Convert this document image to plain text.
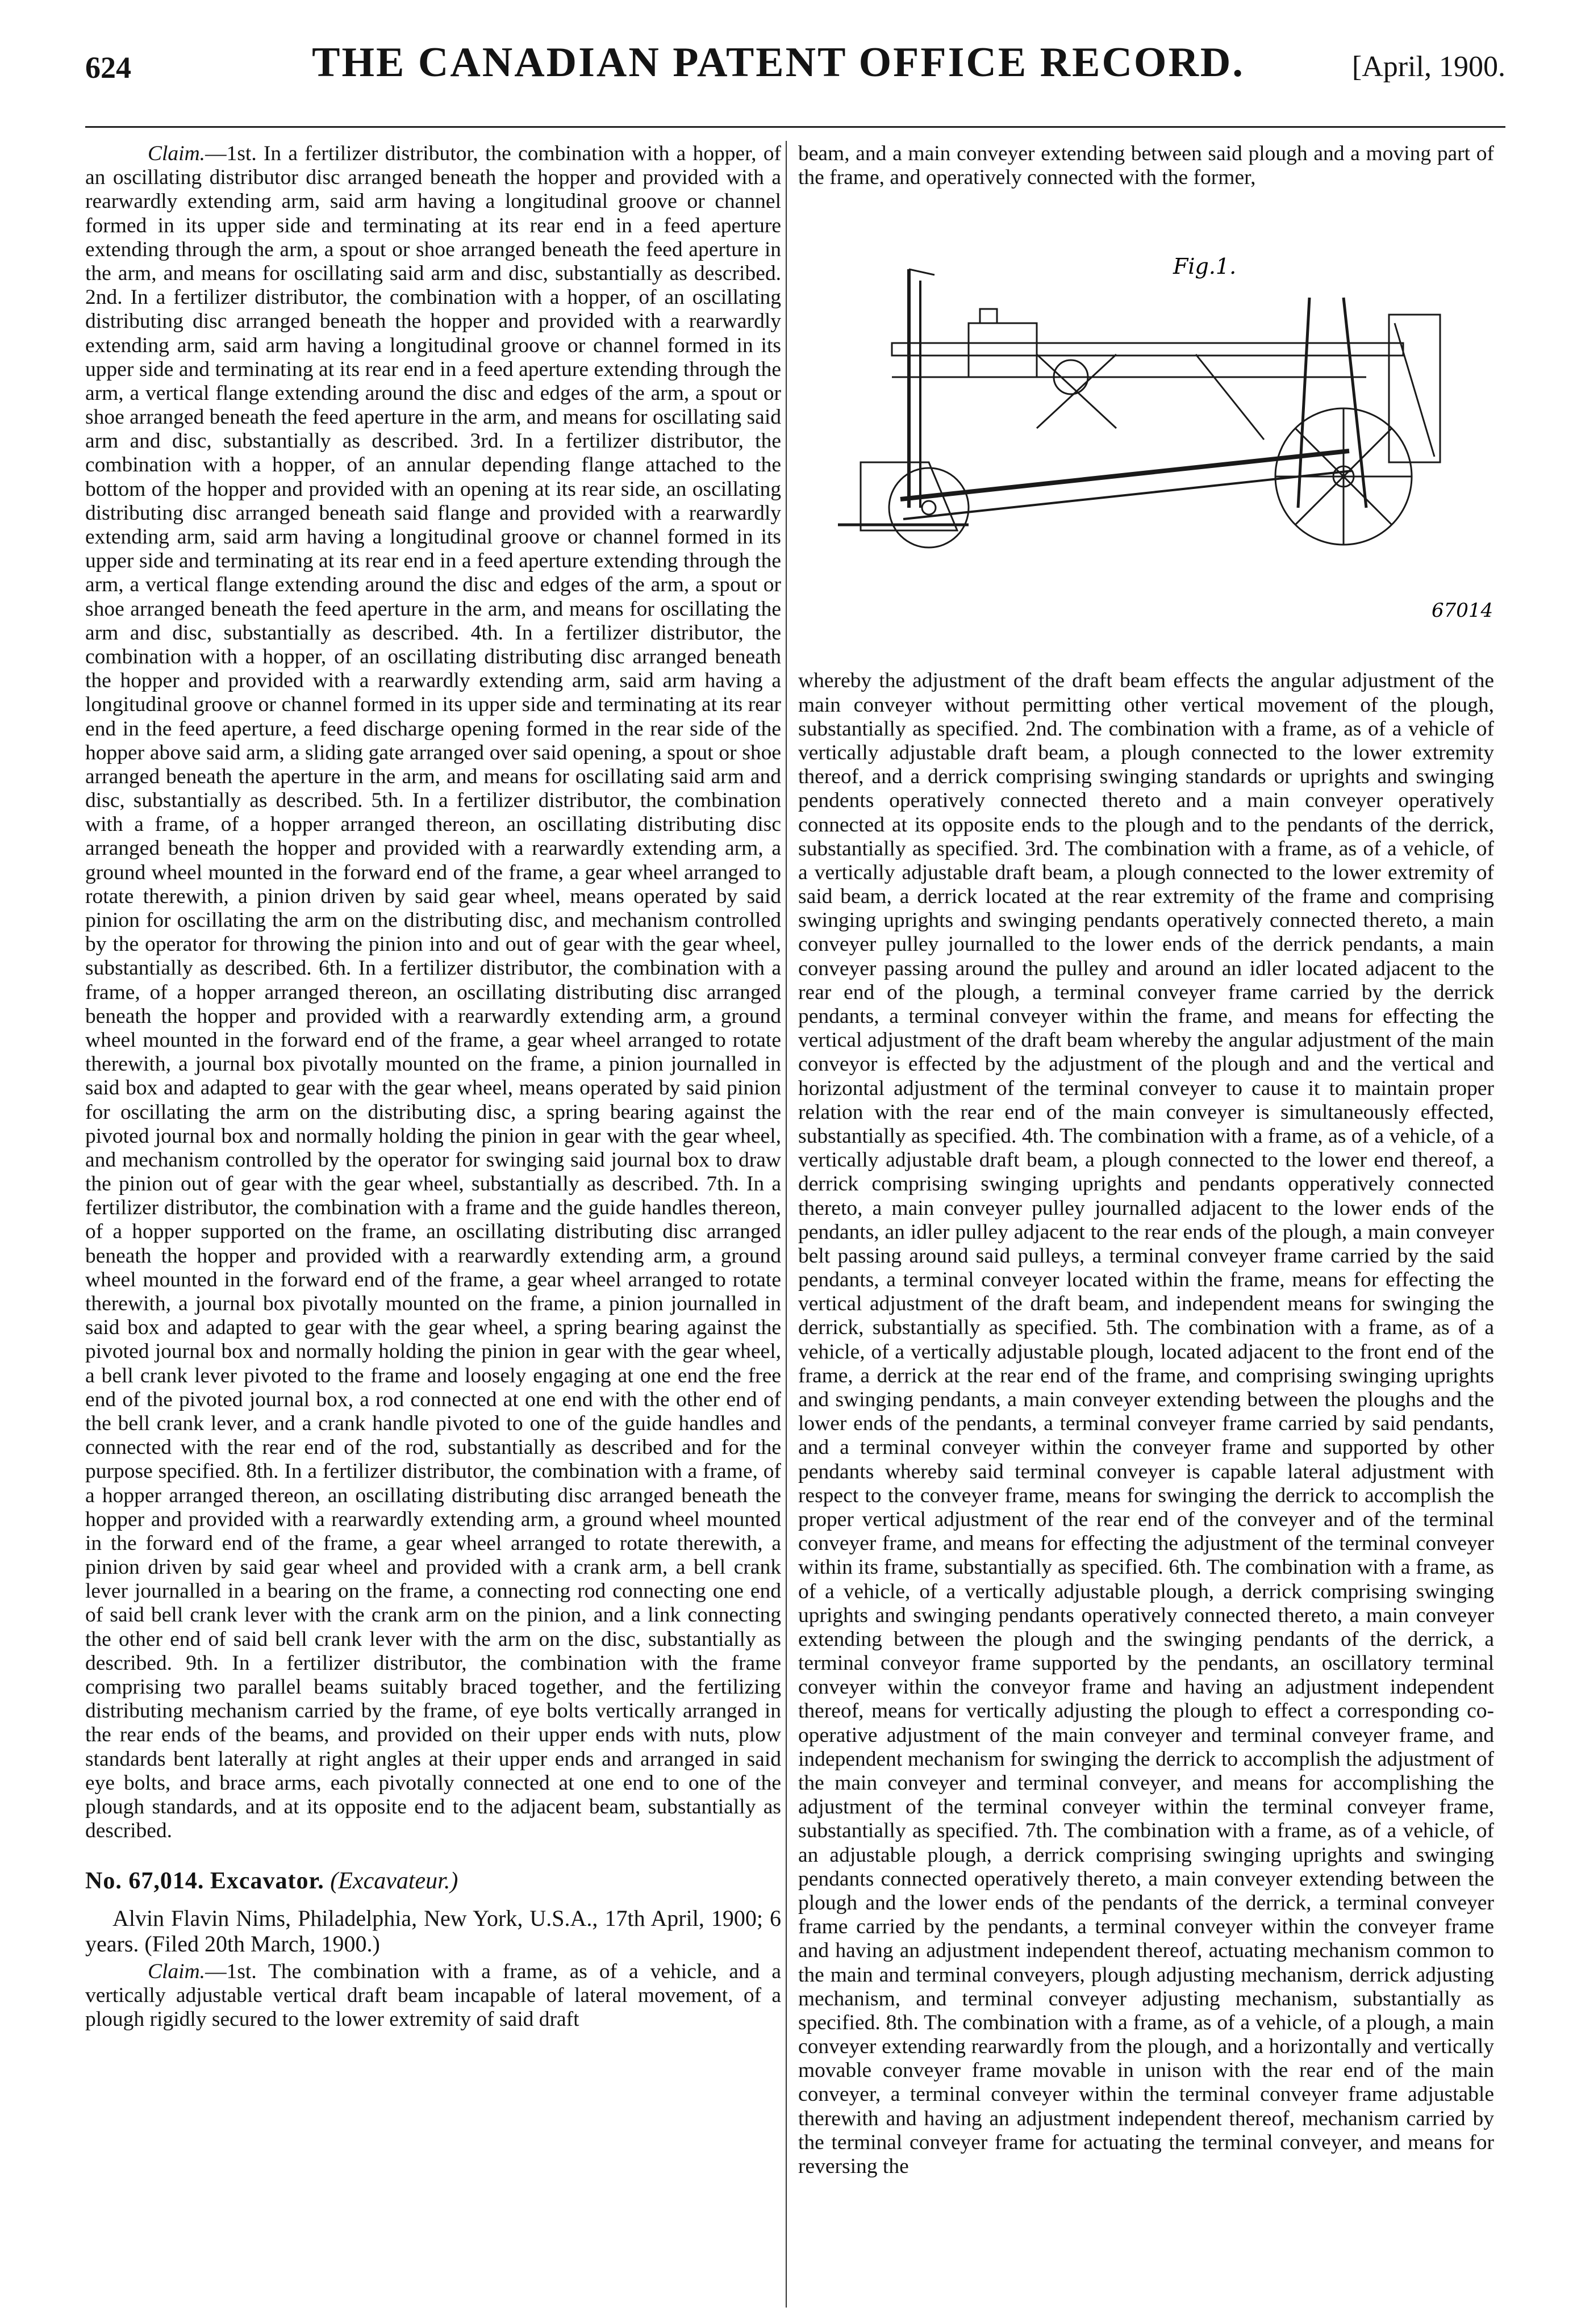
624	THE CANADIAN PATENT OFFICE RECORD.	[April, 1900.

Claim.—1st. In a fertilizer distributor, the combination with a hopper, of an oscillating distributor disc arranged beneath the hopper and provided with a rearwardly extending arm, said arm having a longitudinal groove or channel formed in its upper side and terminating at its rear end in a feed aperture extending through the arm, a spout or shoe arranged beneath the feed aperture in the arm, and means for oscillating said arm and disc, substantially as described. 2nd. In a fertilizer distributor, the combination with a hopper, of an oscillating distributing disc arranged beneath the hopper and provided with a rearwardly extending arm, said arm having a longitudinal groove or channel formed in its upper side and terminating at its rear end in a feed aperture extending through the arm, a vertical flange extending around the disc and edges of the arm, a spout or shoe arranged beneath the feed aperture in the arm, and means for oscillating said arm and disc, substantially as described. 3rd. In a fertilizer distributor, the combination with a hopper, of an annular depending flange attached to the bottom of the hopper and provided with an opening at its rear side, an oscillating distributing disc arranged beneath said flange and provided with a rearwardly extending arm, said arm having a longitudinal groove or channel formed in its upper side and terminating at its rear end in a feed aperture extending through the arm, a vertical flange extending around the disc and edges of the arm, a spout or shoe arranged beneath the feed aperture in the arm, and means for oscillating the arm and disc, substantially as described. 4th. In a fertilizer distributor, the combination with a hopper, of an oscillating distributing disc arranged beneath the hopper and provided with a rearwardly extending arm, said arm having a longitudinal groove or channel formed in its upper side and terminating at its rear end in the feed aperture, a feed discharge opening formed in the rear side of the hopper above said arm, a sliding gate arranged over said opening, a spout or shoe arranged beneath the aperture in the arm, and means for oscillating said arm and disc, substantially as described. 5th. In a fertilizer distributor, the combination with a frame, of a hopper arranged thereon, an oscillating distributing disc arranged beneath the hopper and provided with a rearwardly extending arm, a ground wheel mounted in the forward end of the frame, a gear wheel arranged to rotate therewith, a pinion driven by said gear wheel, means operated by said pinion for oscillating the arm on the distributing disc, and mechanism controlled by the operator for throwing the pinion into and out of gear with the gear wheel, substantially as described. 6th. In a fertilizer distributor, the combination with a frame, of a hopper arranged thereon, an oscillating distributing disc arranged beneath the hopper and provided with a rearwardly extending arm, a ground wheel mounted in the forward end of the frame, a gear wheel arranged to rotate therewith, a journal box pivotally mounted on the frame, a pinion journalled in said box and adapted to gear with the gear wheel, means operated by said pinion for oscillating the arm on the distributing disc, a spring bearing against the pivoted journal box and normally holding the pinion in gear with the gear wheel, and mechanism controlled by the operator for swinging said journal box to draw the pinion out of gear with the gear wheel, substantially as described. 7th. In a fertilizer distributor, the combination with a frame and the guide handles thereon, of a hopper supported on the frame, an oscillating distributing disc arranged beneath the hopper and provided with a rearwardly extending arm, a ground wheel mounted in the forward end of the frame, a gear wheel arranged to rotate therewith, a journal box pivotally mounted on the frame, a pinion journalled in said box and adapted to gear with the gear wheel, a spring bearing against the pivoted journal box and normally holding the pinion in gear with the gear wheel, a bell crank lever pivoted to the frame and loosely engaging at one end the free end of the pivoted journal box, a rod connected at one end with the other end of the bell crank lever, and a crank handle pivoted to one of the guide handles and connected with the rear end of the rod, substantially as described and for the purpose specified. 8th. In a fertilizer distributor, the combination with a frame, of a hopper arranged thereon, an oscillating distributing disc arranged beneath the hopper and provided with a rearwardly extending arm, a ground wheel mounted in the forward end of the frame, a gear wheel arranged to rotate therewith, a pinion driven by said gear wheel and provided with a crank arm, a bell crank lever journalled in a bearing on the frame, a connecting rod connecting one end of said bell crank lever with the crank arm on the pinion, and a link connecting the other end of said bell crank lever with the arm on the disc, substantially as described. 9th. In a fertilizer distributor, the combination with the frame comprising two parallel beams suitably braced together, and the fertilizing distributing mechanism carried by the frame, of eye bolts vertically arranged in the rear ends of the beams, and provided on their upper ends with nuts, plow standards bent laterally at right angles at their upper ends and arranged in said eye bolts, and brace arms, each pivotally connected at one end to one of the plough standards, and at its opposite end to the adjacent beam, substantially as described.

No. 67,014. Excavator. (Excavateur.)

Alvin Flavin Nims, Philadelphia, New York, U.S.A., 17th April, 1900; 6 years. (Filed 20th March, 1900.)

Claim.—1st. The combination with a frame, as of a vehicle, and a vertically adjustable vertical draft beam incapable of lateral movement, of a plough rigidly secured to the lower extremity of said draft

beam, and a main conveyer extending between said plough and a moving part of the frame, and operatively connected with the former,

Fig.1.
67014

whereby the adjustment of the draft beam effects the angular adjustment of the main conveyer without permitting other vertical movement of the plough, substantially as specified. 2nd. The combination with a frame, as of a vehicle of vertically adjustable draft beam, a plough connected to the lower extremity thereof, and a derrick comprising swinging standards or uprights and swinging pendents operatively connected thereto and a main conveyer operatively connected at its opposite ends to the plough and to the pendants of the derrick, substantially as specified. 3rd. The combination with a frame, as of a vehicle, of a vertically adjustable draft beam, a plough connected to the lower extremity of said beam, a derrick located at the rear extremity of the frame and comprising swinging uprights and swinging pendants operatively connected thereto, a main conveyer pulley journalled to the lower ends of the derrick pendants, a main conveyer passing around the pulley and around an idler located adjacent to the rear end of the plough, a terminal conveyer frame carried by the derrick pendants, a terminal conveyer within the frame, and means for effecting the vertical adjustment of the draft beam whereby the angular adjustment of the main conveyor is effected by the adjustment of the plough and and the vertical and horizontal adjustment of the terminal conveyer to cause it to maintain proper relation with the rear end of the main conveyer is simultaneously effected, substantially as specified. 4th. The combination with a frame, as of a vehicle, of a vertically adjustable draft beam, a plough connected to the lower end thereof, a derrick comprising swinging uprights and pendants opperatively connected thereto, a main conveyer pulley journalled adjacent to the lower ends of the pendants, an idler pulley adjacent to the rear ends of the plough, a main conveyer belt passing around said pulleys, a terminal conveyer frame carried by the said pendants, a terminal conveyer located within the frame, means for effecting the vertical adjustment of the draft beam, and independent means for swinging the derrick, substantially as specified. 5th. The combination with a frame, as of a vehicle, of a vertically adjustable plough, located adjacent to the front end of the frame, a derrick at the rear end of the frame, and comprising swinging uprights and swinging pendants, a main conveyer extending between the ploughs and the lower ends of the pendants, a terminal conveyer frame carried by said pendants, and a terminal conveyer within the conveyer frame and supported by other pendants whereby said terminal conveyer is capable lateral adjustment with respect to the conveyer frame, means for swinging the derrick to accomplish the proper vertical adjustment of the rear end of the conveyer and of the terminal conveyer frame, and means for effecting the adjustment of the terminal conveyer within its frame, substantially as specified. 6th. The combination with a frame, as of a vehicle, of a vertically adjustable plough, a derrick comprising swinging uprights and swinging pendants operatively connected thereto, a main conveyer extending between the plough and the swinging pendants of the derrick, a terminal conveyor frame supported by the pendants, an oscillatory terminal conveyer within the conveyor frame and having an adjustment independent thereof, means for vertically adjusting the plough to effect a corresponding co-operative adjustment of the main conveyer and terminal conveyer frame, and independent mechanism for swinging the derrick to accomplish the adjustment of the main conveyer and terminal conveyer, and means for accomplishing the adjustment of the terminal conveyer within the terminal conveyer frame, substantially as specified. 7th. The combination with a frame, as of a vehicle, of an adjustable plough, a derrick comprising swinging uprights and swinging pendants connected operatively thereto, a main conveyer extending between the plough and the lower ends of the pendants of the derrick, a terminal conveyer frame carried by the pendants, a terminal conveyer within the conveyer frame and having an adjustment independent thereof, actuating mechanism common to the main and terminal conveyers, plough adjusting mechanism, derrick adjusting mechanism, and terminal conveyer adjusting mechanism, substantially as specified. 8th. The combination with a frame, as of a vehicle, of a plough, a main conveyer extending rearwardly from the plough, and a horizontally and vertically movable conveyer frame movable in unison with the rear end of the main conveyer, a terminal conveyer within the terminal conveyer frame adjustable therewith and having an adjustment independent thereof, mechanism carried by the terminal conveyer frame for actuating the terminal conveyer, and means for reversing the
